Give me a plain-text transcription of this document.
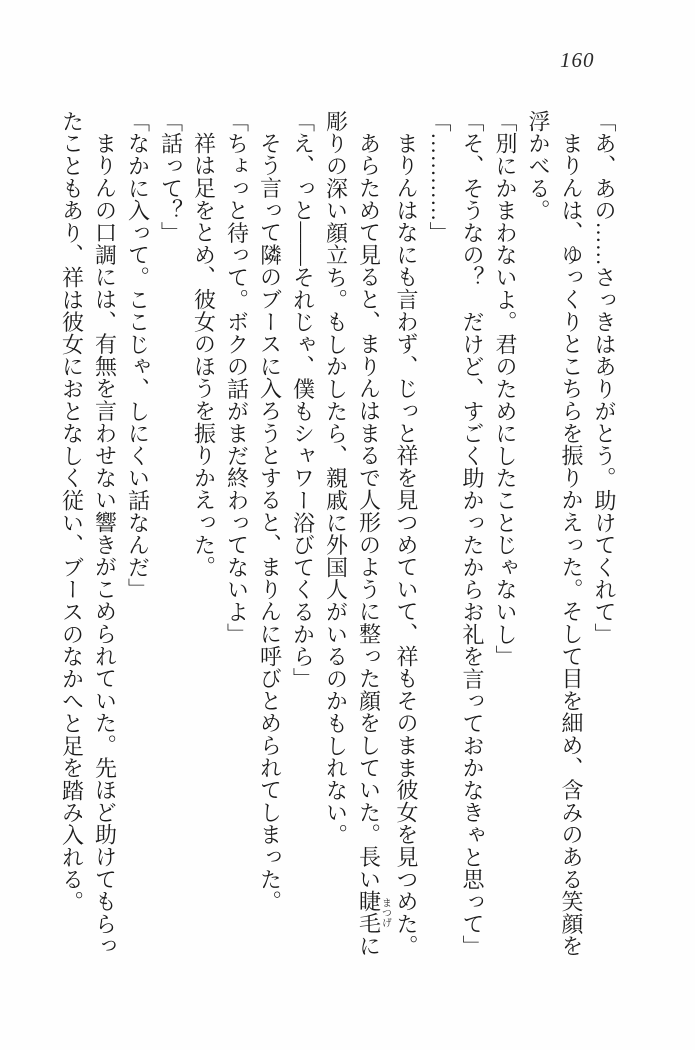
160

「あ、あの……さっきはありがとう。助けてくれて」

まりんは、ゆっくりとこちらを振りかえった。そして目を細め、含みのある笑顔を

浮かべる。

「別にかまわないよ。君のためにしたことじゃないし」

「そ、そうなの？　だけど、すごく助かったからお礼を言っておかなきゃと思って」

「…………」

まりんはなにも言わず、じっと祥を見つめていて、祥もそのまま彼女を見つめた。

あらためて見ると、まりんはまるで人形のように整った顔をしていた。長い睫毛まつげに

彫りの深い顔立ち。もしかしたら、親戚に外国人がいるのかもしれない。

「え、っと——それじゃ、僕もシャワー浴びてくるから」

そう言って隣のブースに入ろうとすると、まりんに呼びとめられてしまった。

「ちょっと待って。ボクの話がまだ終わってないよ」

祥は足をとめ、彼女のほうを振りかえった。

「話って？」

「なかに入って。ここじゃ、しにくい話なんだ」

まりんの口調には、有無を言わせない響きがこめられていた。先ほど助けてもらっ

たこともあり、祥は彼女におとなしく従い、ブースのなかへと足を踏み入れる。
